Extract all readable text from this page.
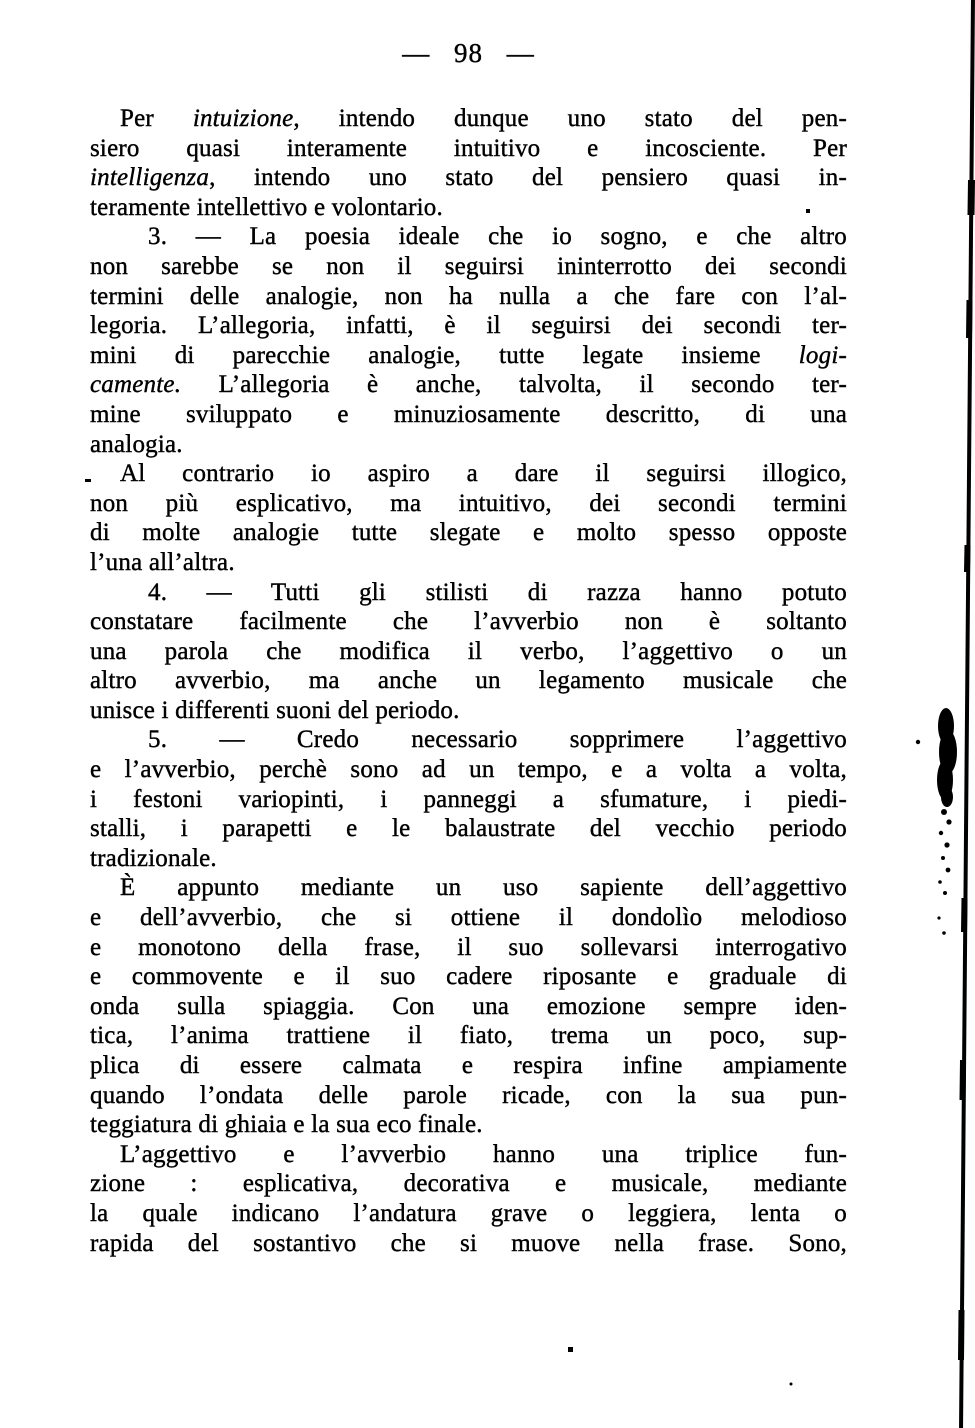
— 98 —
Per intuizione, intendo dunque uno stato del pen-
siero quasi interamente intuitivo e incosciente. Per
intelligenza, intendo uno stato del pensiero quasi in-
teramente intellettivo e volontario.
3. — La poesia ideale che io sogno, e che altro
non sarebbe se non il seguirsi ininterrotto dei secondi
termini delle analogie, non ha nulla a che fare con l’al-
legoria. L’allegoria, infatti, è il seguirsi dei secondi ter-
mini di parecchie analogie, tutte legate insieme logi-
camente. L’allegoria è anche, talvolta, il secondo ter-
mine sviluppato e minuziosamente descritto, di una
analogia.
Al contrario io aspiro a dare il seguirsi illogico,
non più esplicativo, ma intuitivo, dei secondi termini
di molte analogie tutte slegate e molto spesso opposte
l’una all’altra.
4. — Tutti gli stilisti di razza hanno potuto
constatare facilmente che l’avverbio non è soltanto
una parola che modifica il verbo, l’aggettivo o un
altro avverbio, ma anche un legamento musicale che
unisce i differenti suoni del periodo.
5. — Credo necessario sopprimere l’aggettivo
e l’avverbio, perchè sono ad un tempo, e a volta a volta,
i festoni variopinti, i panneggi a sfumature, i piedi-
stalli, i parapetti e le balaustrate del vecchio periodo
tradizionale.
È appunto mediante un uso sapiente dell’aggettivo
e dell’avverbio, che si ottiene il dondolìo melodioso
e monotono della frase, il suo sollevarsi interrogativo
e commovente e il suo cadere riposante e graduale di
onda sulla spiaggia. Con una emozione sempre iden-
tica, l’anima trattiene il fiato, trema un poco, sup-
plica di essere calmata e respira infine ampiamente
quando l’ondata delle parole ricade, con la sua pun-
teggiatura di ghiaia e la sua eco finale.
L’aggettivo e l’avverbio hanno una triplice fun-
zione : esplicativa, decorativa e musicale, mediante
la quale indicano l’andatura grave o leggiera, lenta o
rapida del sostantivo che si muove nella frase. Sono,
